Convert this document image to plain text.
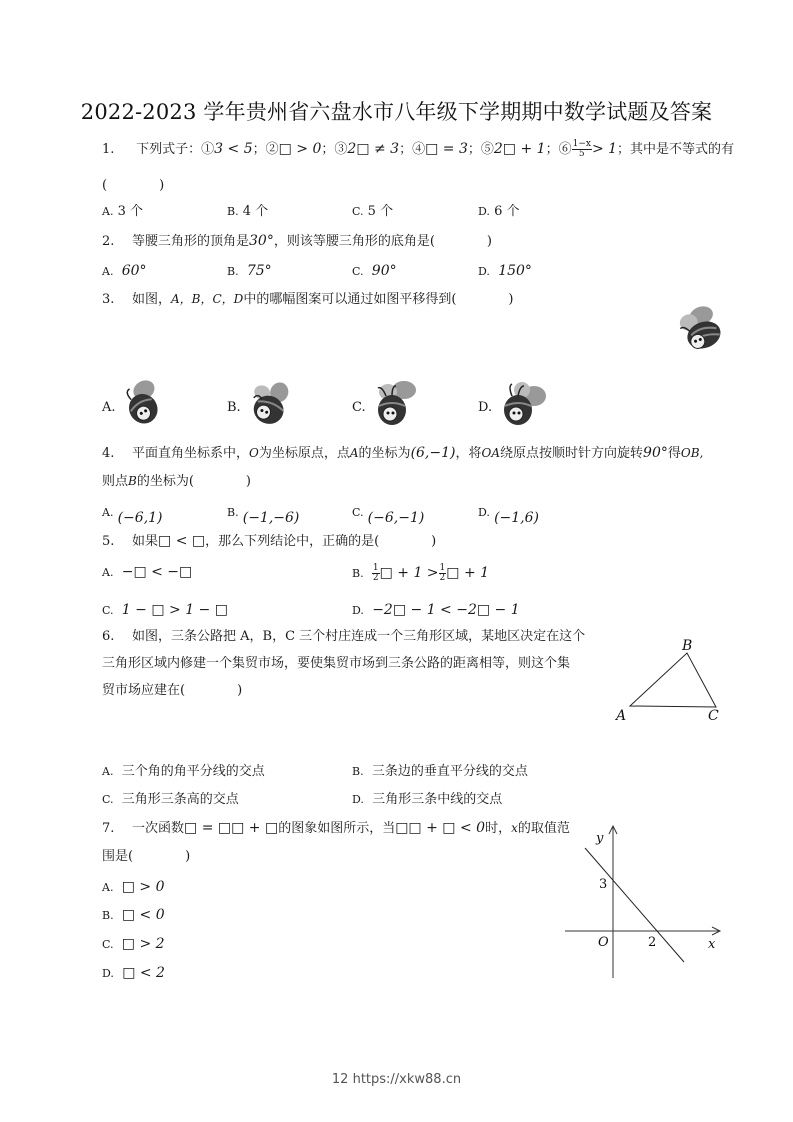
2022-2023 学年贵州省六盘水市八年级下学期期中数学试题及答案
1. 下列式子：①3 < 5；②□ > 0；③2□ ≠ 3；④□ = 3；⑤2□ + 1；⑥ $\frac{1-x}{5} > 1$；其中是不等式的有
(　　　　)
A. 3 个	B. 4 个	C. 5 个	D. 6 个
2. 等腰三角形的顶角是30°，则该等腰三角形的底角是(　　　　)
A. 60°	B. 75°	C. 90°	D. 150°
3. 如图，A，B，C，D中的哪幅图案可以通过如图平移得到(　　　　)
A.	B.	C.	D.
4. 平面直角坐标系中，O为坐标原点，点A的坐标为(6,−1)，将OA绕原点按顺时针方向旋转90°得OB,
则点B的坐标为(　　　　)
A. (−6,1)	B. (−1,−6)	C. (−6,−1)	D. (−1,6)
5. 如果□ < □，那么下列结论中，正确的是(　　　　)
A. −□ < −□	B. $\frac{1}{2}$ □ + $1 > \frac{1}{2}$ □ + 1
C. 1 − □ > 1 − □	D. −2□ − 1 < −2□ − 1
6. 如图，三条公路把 A，B，C 三个村庄连成一个三角形区域，某地区决定在这个
三角形区域内修建一个集贸市场，要使集贸市场到三条公路的距离相等，则这个集
贸市场应建在(　　　　)
A
B
C
A. 三个角的角平分线的交点	B. 三条边的垂直平分线的交点
C. 三角形三条高的交点	D. 三角形三条中线的交点
7. 一次函数□ = □□ + □的图象如图所示，当□□ + □ < 0时，x的取值范
围是(　　　　)
A. □ > 0
B. □ < 0
C. □ > 2
D. □ < 2
y
x
O
3
2
12 https://xkw88.cn
